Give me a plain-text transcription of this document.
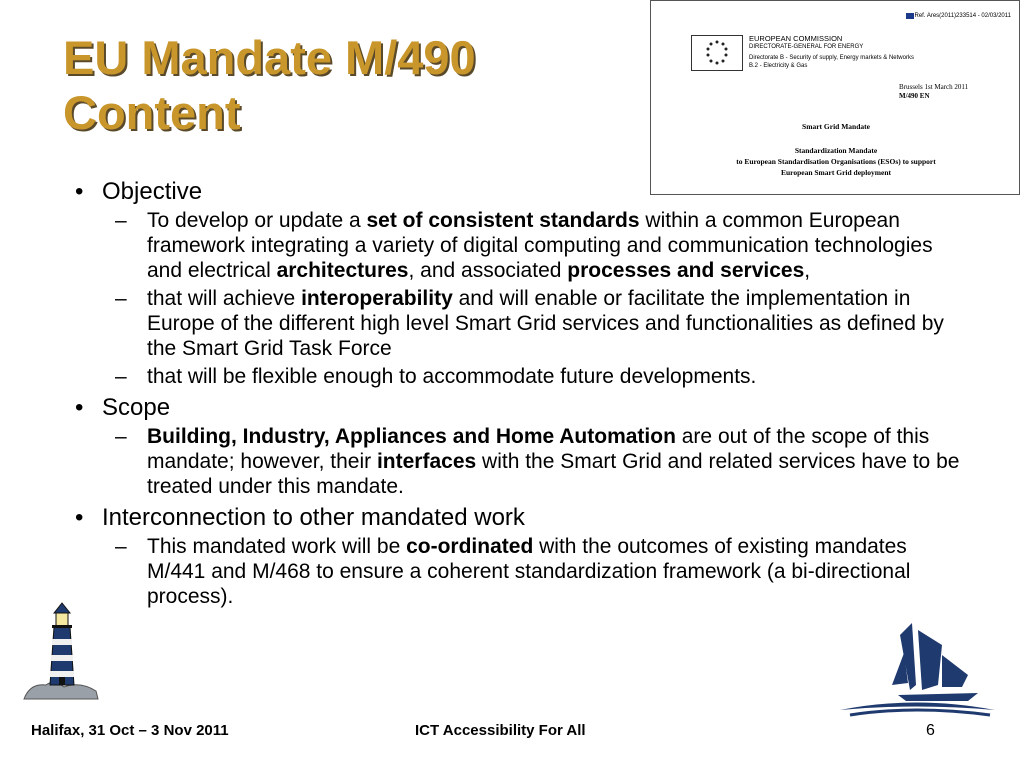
EU Mandate M/490
Content
Ref. Ares(2011)233514 - 02/03/2011
EUROPEAN COMMISSION
DIRECTORATE-GENERAL FOR ENERGY
Directorate B - Security of supply, Energy markets & Networks
B.2 - Electricity & Gas
Brussels 1st March 2011
M/490 EN
Smart Grid Mandate
Standardization Mandate
to European Standardisation Organisations (ESOs) to support
European Smart Grid deployment
• Objective
– To develop or update a set of consistent standards within a common European framework integrating a variety of digital computing and communication technologies and electrical architectures, and associated processes and services,
– that will achieve interoperability and will enable or facilitate the implementation in Europe of the different high level Smart Grid services and functionalities as defined by the Smart Grid Task Force
– that will be flexible enough to accommodate future developments.
• Scope
– Building, Industry, Appliances and Home Automation are out of the scope of this mandate; however, their interfaces with the Smart Grid and related services have to be treated under this mandate.
• Interconnection to other mandated work
– This mandated work will be co-ordinated with the outcomes of existing mandates M/441 and M/468 to ensure a coherent standardization framework (a bi-directional process).
Halifax, 31 Oct – 3 Nov 2011	ICT Accessibility For All	6
